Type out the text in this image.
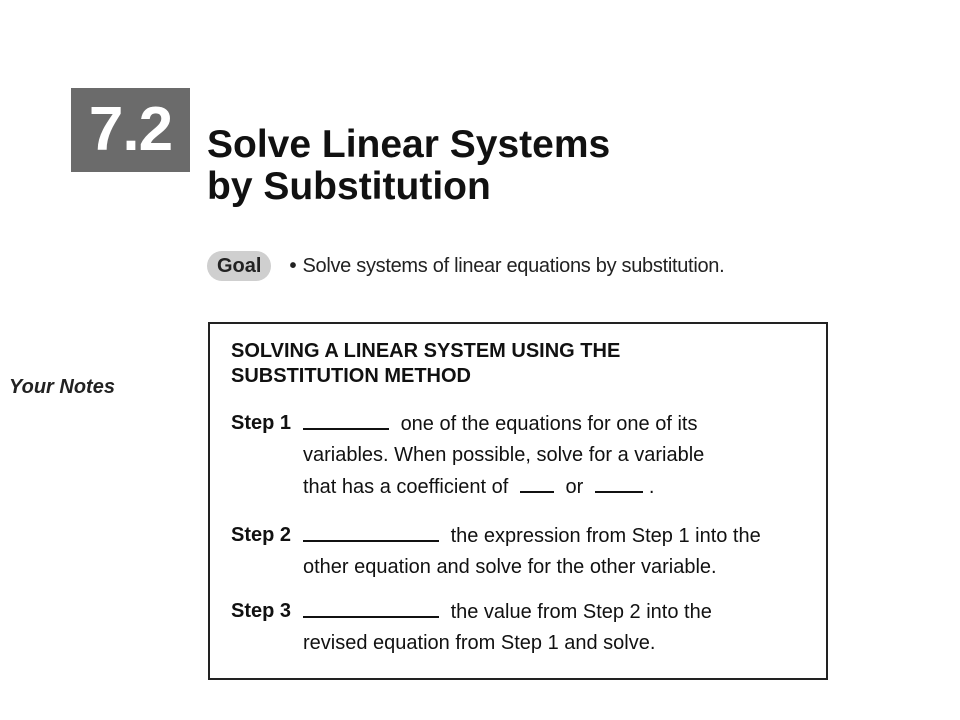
7.2 Solve Linear Systems
by Substitution
Goal	• Solve systems of linear equations by substitution.
Your Notes
SOLVING A LINEAR SYSTEM USING THE
SUBSTITUTION METHOD
Step 1	one of the equations for one of its
variables. When possible, solve for a variable
that has a coefficient of	or	.
Step 2	the expression from Step 1 into the
other equation and solve for the other variable.
Step 3	the value from Step 2 into the
revised equation from Step 1 and solve.
